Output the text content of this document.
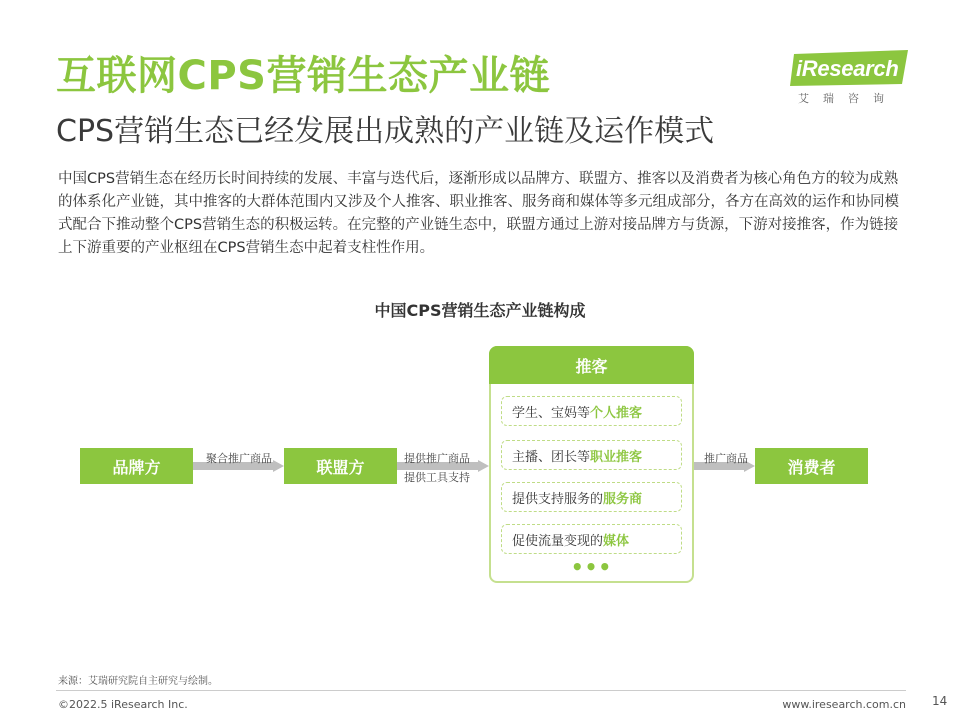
互联网CPS营销生态产业链
CPS营销生态已经发展出成熟的产业链及运作模式
iResearch
艾瑞咨询

中国CPS营销生态在经历长时间持续的发展、丰富与迭代后，逐渐形成以品牌方、联盟方、推客以及消费者为核心角色方的较为成熟的体系化产业链，其中推客的大群体范围内又涉及个人推客、职业推客、服务商和媒体等多元组成部分，各方在高效的运作和协同模式配合下推动整个CPS营销生态的积极运转。在完整的产业链生态中，联盟方通过上游对接品牌方与货源，下游对接推客，作为链接上下游重要的产业枢纽在CPS营销生态中起着支柱性作用。

中国CPS营销生态产业链构成
品牌方	联盟方	消费者
聚合推广商品	提供推广商品
提供工具支持
推广商品
推客
学生、宝妈等 个人推客
主播、团长等 职业推客
提供支持服务的 服务商
促使流量变现的 媒体
•••
来源：艾瑞研究院自主研究与绘制。
©2022.5 iResearch Inc.	www.iresearch.com.cn 14
